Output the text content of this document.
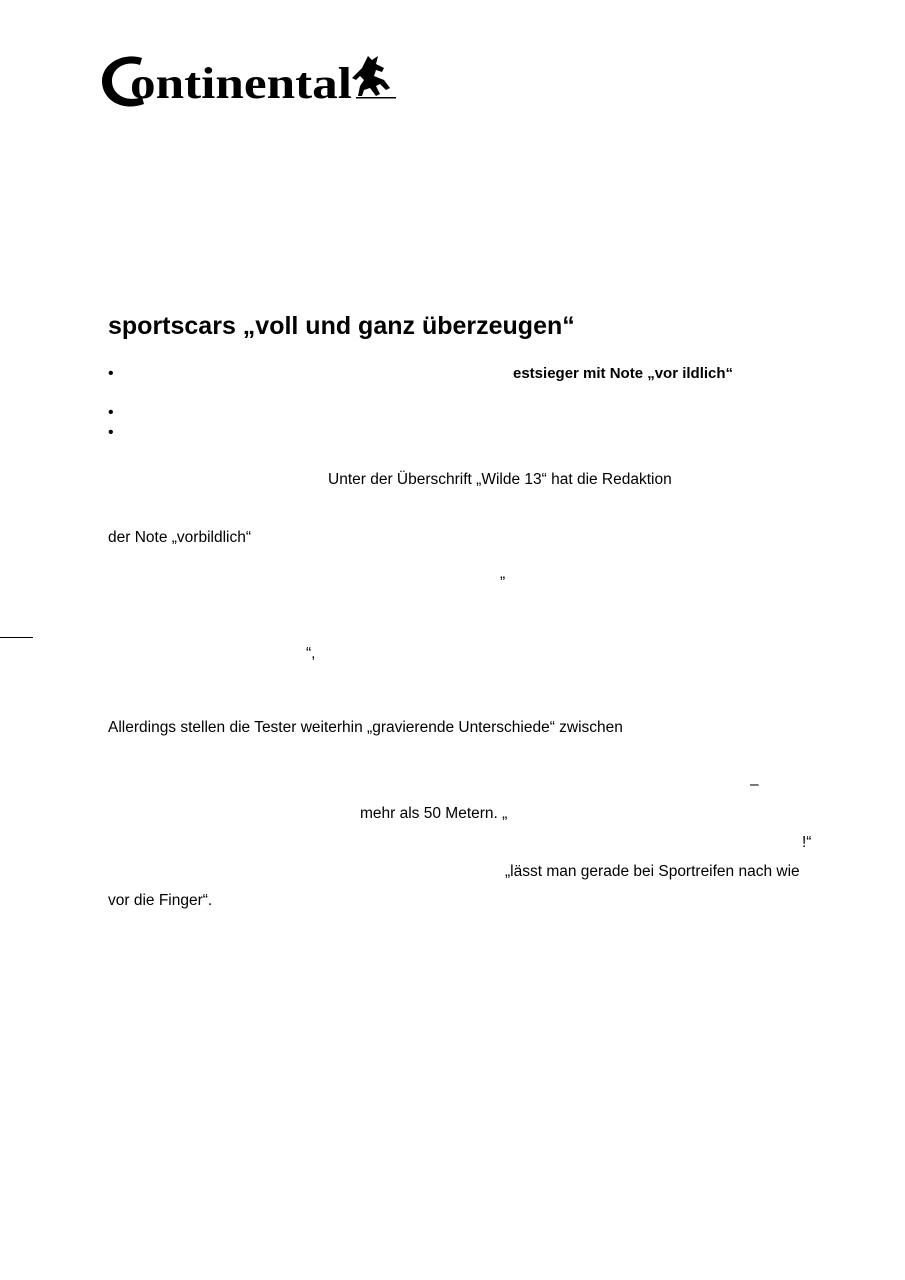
ontinental
sportscars „voll und ganz überzeugen“
•	estsieger mit Note „vor ildlich“
•
•
Unter der Überschrift „Wilde 13“ hat die Redaktion
der Note „vorbildlich“
„
“,
Allerdings stellen die Tester weiterhin „gravierende Unterschiede“ zwischen
–
mehr als 50 Metern. „
!“
„lässt man gerade bei Sportreifen nach wie
vor die Finger“.
